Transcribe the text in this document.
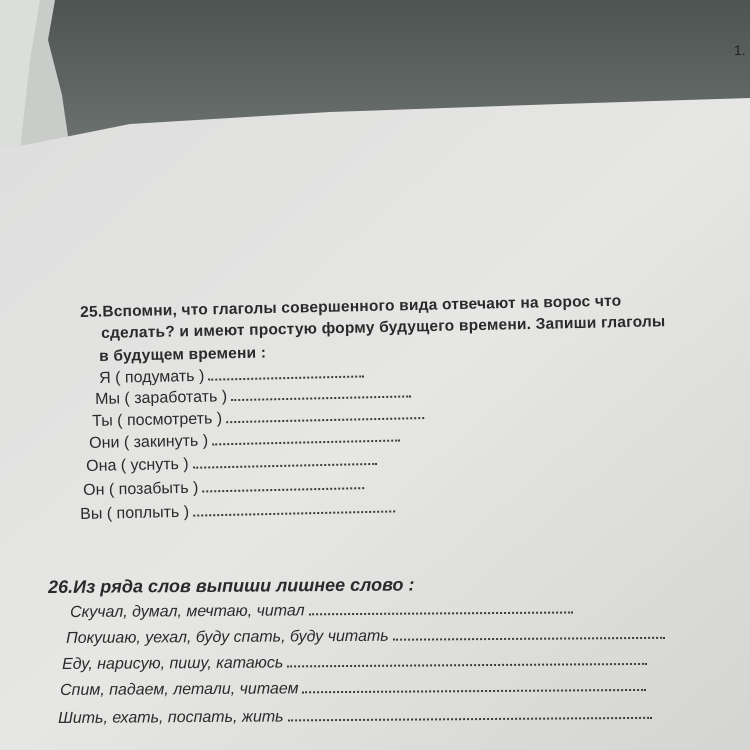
1.
25.Вспомни, что глаголы совершенного вида отвечают на ворос что
сделать? и имеют простую форму будущего времени. Запиши глаголы
в будущем времени :
Я ( подумать )
Мы ( заработать )
Ты ( посмотреть )
Они ( закинуть )
Она ( уснуть )
Он ( позабыть )
Вы ( поплыть )
26.Из ряда слов выпиши лишнее слово :
Скучал, думал, мечтаю, читал
Покушаю, уехал, буду спать, буду читать
Еду, нарисую, пишу, катаюсь
Спим, падаем, летали, читаем
Шить, ехать, поспать, жить
